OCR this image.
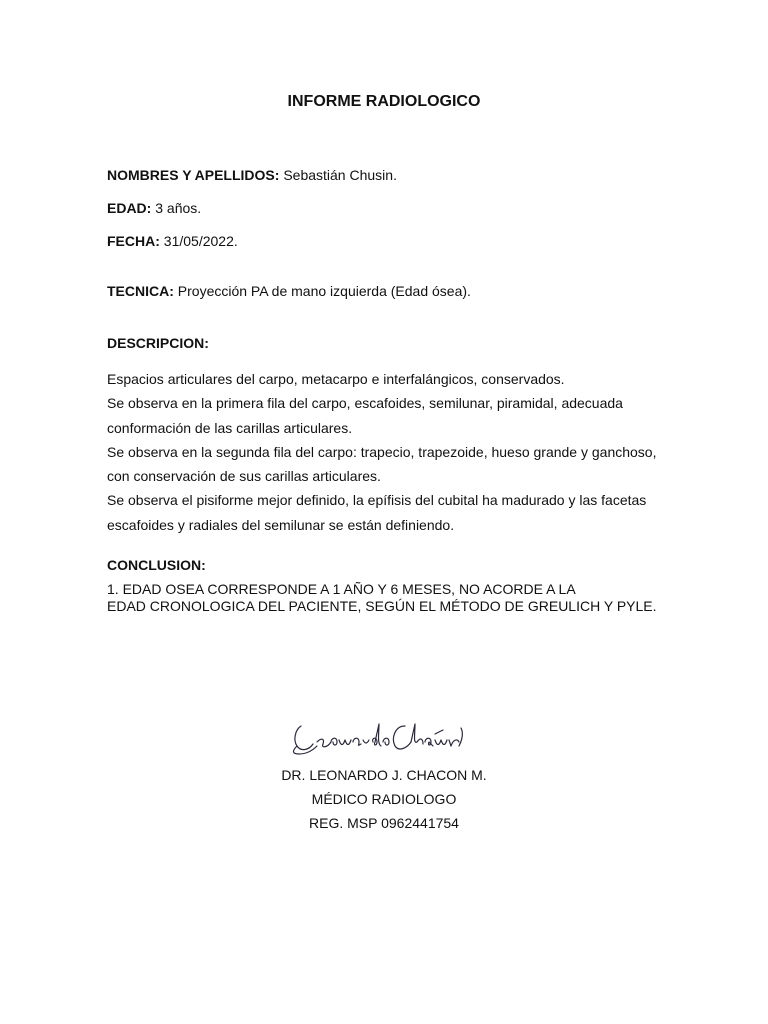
INFORME RADIOLOGICO
NOMBRES Y APELLIDOS: Sebastián Chusin.
EDAD: 3 años.
FECHA: 31/05/2022.
TECNICA: Proyección PA de mano izquierda (Edad ósea).
DESCRIPCION:
Espacios articulares del carpo, metacarpo e interfalángicos, conservados.
Se observa en la primera fila del carpo, escafoides, semilunar, piramidal, adecuada
conformación de las carillas articulares.
Se observa en la segunda fila del carpo: trapecio, trapezoide, hueso grande y ganchoso,
con conservación de sus carillas articulares.
Se observa el pisiforme mejor definido, la epífisis del cubital ha madurado y las facetas
escafoides y radiales del semilunar se están definiendo.
CONCLUSION:
1. EDAD OSEA CORRESPONDE A 1 AÑO Y 6 MESES, NO ACORDE A LA
EDAD CRONOLOGICA DEL PACIENTE, SEGÚN EL MÉTODO DE GREULICH Y PYLE.
Leonardo Chacón
DR. LEONARDO J. CHACON M.
MÉDICO RADIOLOGO
REG. MSP 0962441754
